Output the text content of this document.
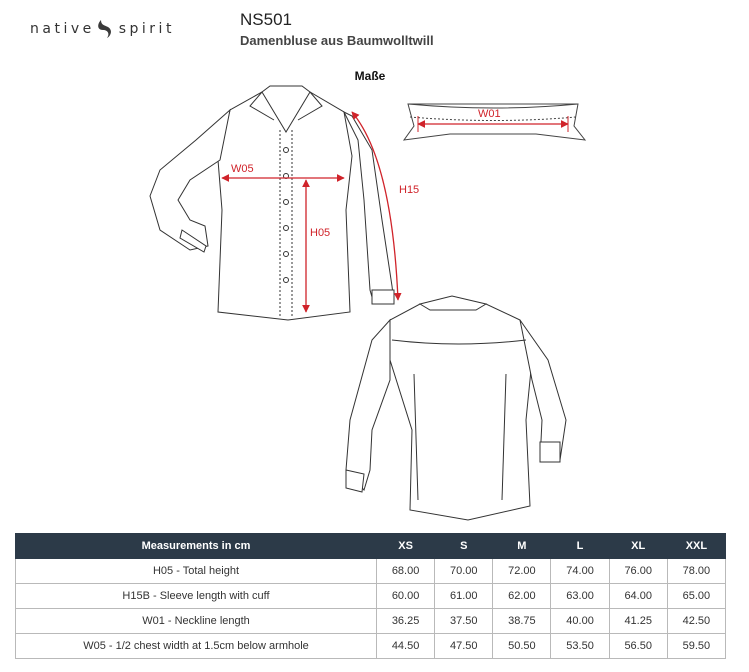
native spirit	NS501
Damenbluse aus Baumwolltwill
Maße
W01
W05
H05
H15
Measurements in cm	XS	S	M	L	XL	XXL
H05 - Total height	68.00	70.00	72.00	74.00	76.00	78.00
H15B - Sleeve length with cuff	60.00	61.00	62.00	63.00	64.00	65.00
W01 - Neckline length	36.25	37.50	38.75	40.00	41.25	42.50
W05 - 1/2 chest width at 1.5cm below armhole	44.50	47.50	50.50	53.50	56.50	59.50
